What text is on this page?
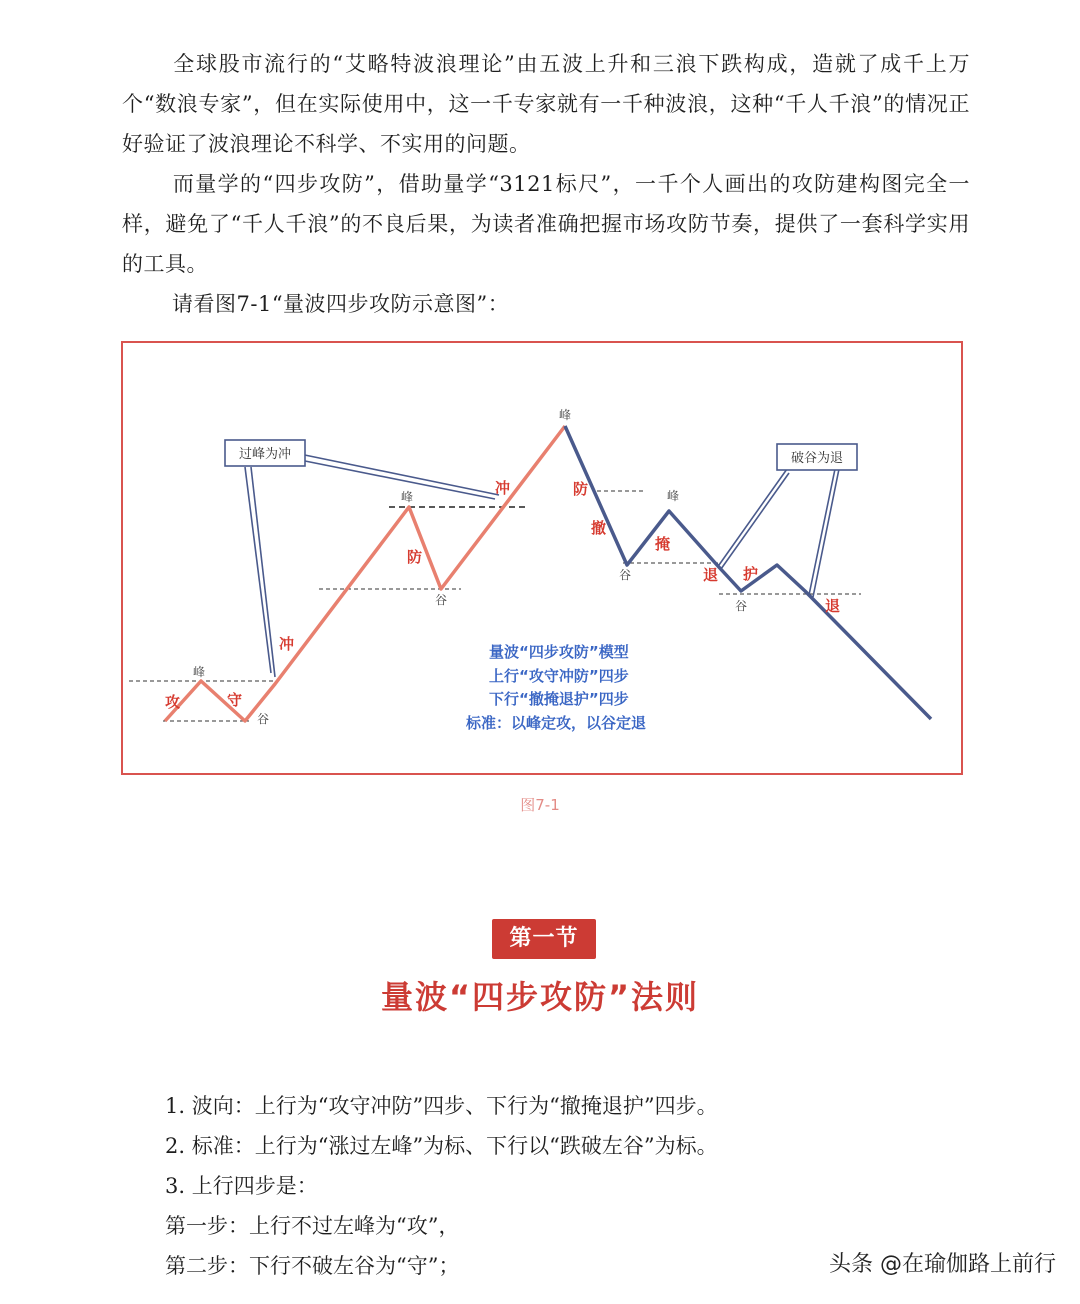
全球股市流行的“艾略特波浪理论”由五波上升和三浪下跌构成，造就了成千上万个“数浪专家”，但在实际使用中，这一千专家就有一千种波浪，这种“千人千浪”的情况正好验证了波浪理论不科学、不实用的问题。

而量学的“四步攻防”，借助量学“3121标尺”，一千个人画出的攻防建构图完全一样，避免了“千人千浪”的不良后果，为读者准确把握市场攻防节奏，提供了一套科学实用的工具。

请看图7-1“量波四步攻防示意图”：

过峰为冲	破谷为退
攻	守
冲
防
冲	防
撤
掩
退 护
退
峰
谷
峰
谷
峰
谷
峰
谷
量波“四步攻防”模型
上行“攻守冲防”四步
下行“撤掩退护”四步
标准：以峰定攻，以谷定退
图7-1
第一节
量波“四步攻防”法则

1. 波向：上行为“攻守冲防”四步、下行为“撤掩退护”四步。

2. 标准：上行为“涨过左峰”为标、下行以“跌破左谷”为标。

3. 上行四步是：

第一步：上行不过左峰为“攻”，

第二步：下行不破左谷为“守”；	头条 @在瑜伽路上前行
